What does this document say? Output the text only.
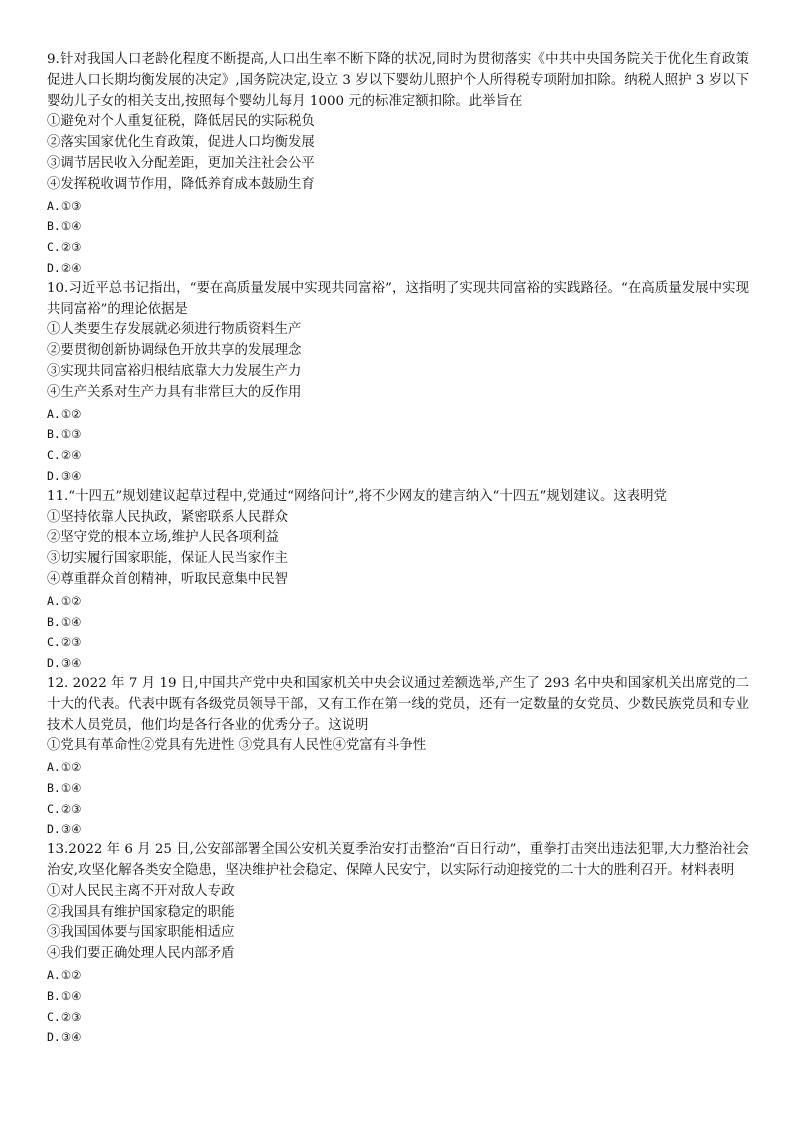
9.针对我国人口老龄化程度不断提高,人口出生率不断下降的状况,同时为贯彻落实《中共中央国务院关于优化生育政策促进人口长期均衡发展的决定》,国务院决定,设立 3 岁以下婴幼儿照护个人所得税专项附加扣除。纳税人照护 3 岁以下婴幼儿子女的相关支出,按照每个婴幼儿每月 1000 元的标准定额扣除。此举旨在

①避免对个人重复征税，降低居民的实际税负

②落实国家优化生育政策，促进人口均衡发展

③调节居民收入分配差距，更加关注社会公平

④发挥税收调节作用，降低养育成本鼓励生育

A.①③

B.①④

C.②③

D.②④

10.习近平总书记指出，“要在高质量发展中实现共同富裕”，这指明了实现共同富裕的实践路径。“在高质量发展中实现共同富裕”的理论依据是

①人类要生存发展就必须进行物质资料生产

②要贯彻创新协调绿色开放共享的发展理念

③实现共同富裕归根结底靠大力发展生产力

④生产关系对生产力具有非常巨大的反作用

A.①②

B.①③

C.②④

D.③④

11.“十四五”规划建议起草过程中,党通过“网络问计”,将不少网友的建言纳入“十四五”规划建议。这表明党

①坚持依靠人民执政，紧密联系人民群众

②坚守党的根本立场,维护人民各项利益

③切实履行国家职能，保证人民当家作主

④尊重群众首创精神，听取民意集中民智

A.①②

B.①④

C.②③

D.③④

12. 2022 年 7 月 19 日,中国共产党中央和国家机关中央会议通过差额选举,产生了 293 名中央和国家机关出席党的二十大的代表。代表中既有各级党员领导干部，又有工作在第一线的党员，还有一定数量的女党员、少数民族党员和专业技术人员党员，他们均是各行各业的优秀分子。这说明

①党具有革命性②党具有先进性 ③党具有人民性④党富有斗争性

A.①②

B.①④

C.②③

D.③④

13.2022 年 6 月 25 日,公安部部署全国公安机关夏季治安打击整治“百日行动”，重拳打击突出违法犯罪,大力整治社会治安,攻坚化解各类安全隐患，坚决维护社会稳定、保障人民安宁，以实际行动迎接党的二十大的胜利召开。材料表明

①对人民民主离不开对敌人专政

②我国具有维护国家稳定的职能

③我国国体要与国家职能相适应

④我们要正确处理人民内部矛盾

A.①②

B.①④

C.②③

D.③④
